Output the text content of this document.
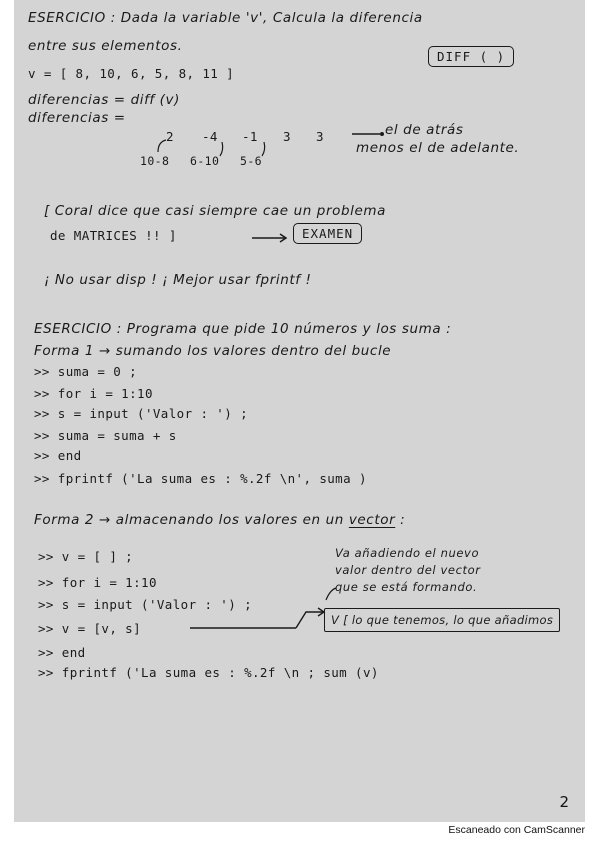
ESERCICIO : Dada la variable 'v', Calcula la diferencia
entre sus elementos.
DIFF ( )
v = [ 8, 10, 6, 5, 8, 11 ]
diferencias = diff (v)
diferencias =
2 -4 -1 3 3
10-8 6-10 5-6
el de atrás
menos el de adelante.
[ Coral dice que casi siempre cae un problema
de MATRICES !! ]	EXAMEN
¡ No usar disp ! ¡ Mejor usar fprintf !
ESERCICIO : Programa que pide 10 números y los suma :
Forma 1 → sumando los valores dentro del bucle
>> suma = 0 ;
>> for i = 1:10
>> s = input ('Valor : ') ;
>> suma = suma + s
>> end
>> fprintf ('La suma es : %.2f \n', suma )
Forma 2 → almacenando los valores en un vector :
>> v = [ ] ;
>> for i = 1:10
>> s = input ('Valor : ') ;
>> v = [v, s]
>> end
>> fprintf ('La suma es : %.2f \n ; sum (v)
Va añadiendo el nuevo
valor dentro del vector
que se está formando.
V [ lo que tenemos, lo que añadimos
2
Escaneado con CamScanner
